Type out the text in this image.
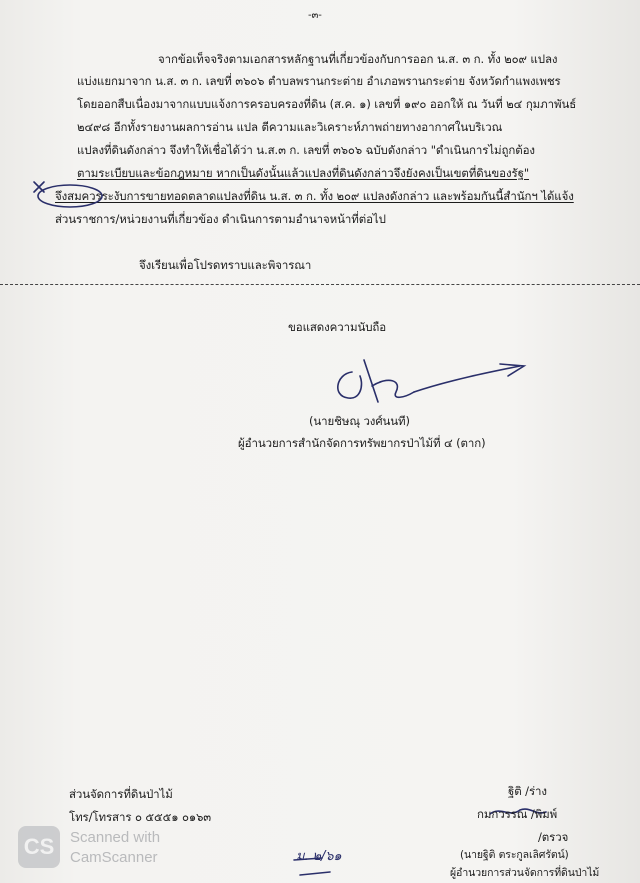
-๓-
จากข้อเท็จจริงตามเอกสารหลักฐานที่เกี่ยวข้องกับการออก น.ส. ๓ ก. ทั้ง ๒๐๙ แปลง
แบ่งแยกมาจาก น.ส. ๓ ก. เลขที่ ๓๖๐๖ ตำบลพรานกระต่าย อำเภอพรานกระต่าย จังหวัดกำแพงเพชร
โดยออกสืบเนื่องมาจากแบบแจ้งการครอบครองที่ดิน (ส.ค. ๑) เลขที่ ๑๙๐ ออกให้ ณ วันที่ ๒๔ กุมภาพันธ์
๒๔๙๘ อีกทั้งรายงานผลการอ่าน แปล ตีความและวิเคราะห์ภาพถ่ายทางอากาศในบริเวณ
แปลงที่ดินดังกล่าว จึงทำให้เชื่อได้ว่า น.ส.๓ ก. เลขที่ ๓๖๐๖ ฉบับดังกล่าว "ดำเนินการไม่ถูกต้อง
ตามระเบียบและข้อกฎหมาย หากเป็นดังนั้นแล้วแปลงที่ดินดังกล่าวจึงยังคงเป็นเขตที่ดินของรัฐ"
จึงสมควรระงับการขายทอดตลาดแปลงที่ดิน น.ส. ๓ ก. ทั้ง ๒๐๙ แปลงดังกล่าว และพร้อมกันนี้สำนักฯ ได้แจ้ง
ส่วนราชการ/หน่วยงานที่เกี่ยวข้อง ดำเนินการตามอำนาจหน้าที่ต่อไป
จึงเรียนเพื่อโปรดทราบและพิจารณา
ขอแสดงความนับถือ
(นายชิษณุ วงศ์นนที)
ผู้อำนวยการสำนักจัดการทรัพยากรป่าไม้ที่ ๔ (ตาก)
ส่วนจัดการที่ดินป่าไม้
โทร/โทรสาร ๐ ๕๕๕๑ ๐๑๖๓
ฐิติ /ร่าง
กมกวรรณ /พิมพ์
/ตรวจ
(นายฐิติ ตระกูลเลิศรัตน์)
ผู้อำนวยการส่วนจัดการที่ดินป่าไม้
ม. ๒/๖๑
CS Scanned with
CamScanner
